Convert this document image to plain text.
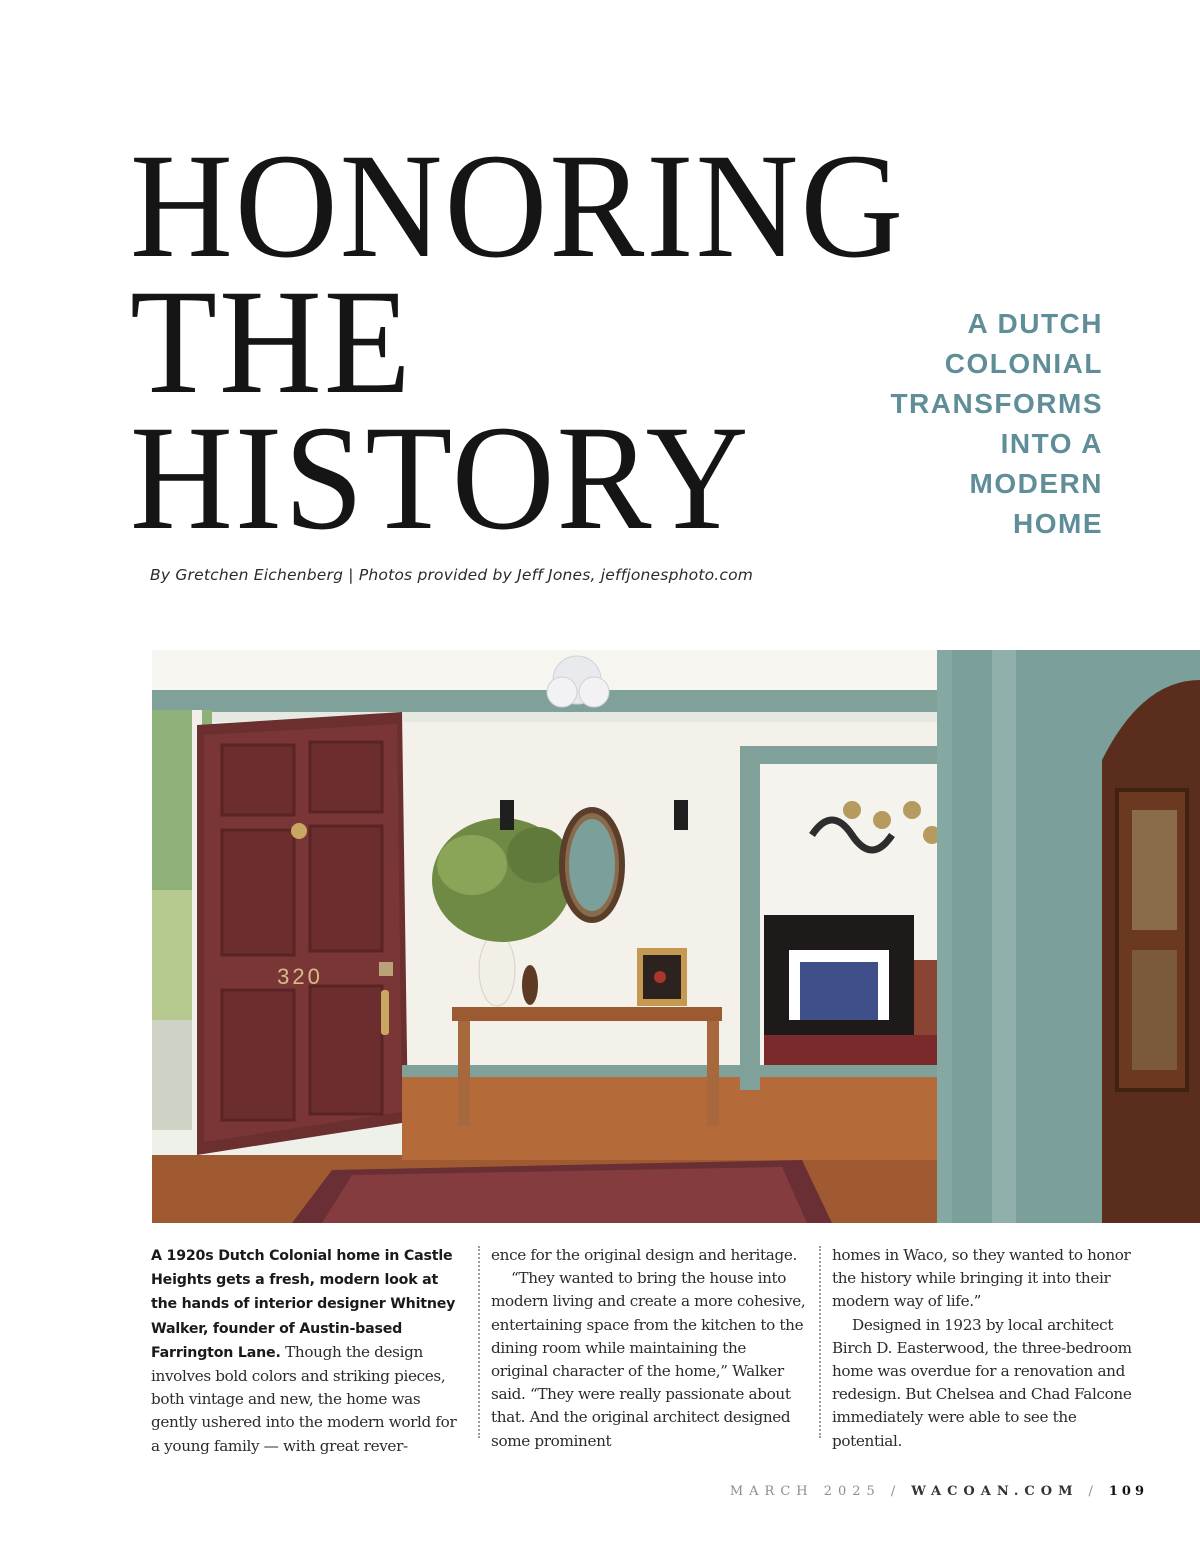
HONORING
THE
HISTORY
A DUTCH
COLONIAL
TRANSFORMS
INTO A
MODERN
HOME
By Gretchen Eichenberg | Photos provided by Jeff Jones, jeffjonesphoto.com
320

A 1920s Dutch Colonial home in Castle Heights gets a fresh, modern look at the hands of interior designer Whitney Walker, founder of Austin-based Farrington Lane. Though the design involves bold colors and striking pieces, both vintage and new, the home was gently ushered into the modern world for a young family — with great rever-

ence for the original design and heritage.

“They wanted to bring the house into modern living and create a more cohesive, entertaining space from the kitchen to the dining room while maintaining the original character of the home,” Walker said. “They were really passionate about that. And the original architect designed some prominent

homes in Waco, so they wanted to honor the history while bringing it into their modern way of life.”

Designed in 1923 by local architect Birch D. Easterwood, the three-bedroom home was overdue for a renovation and redesign. But Chelsea and Chad Falcone immediately were able to see the potential.

MARCH 2025 / WACOAN.COM / 109
